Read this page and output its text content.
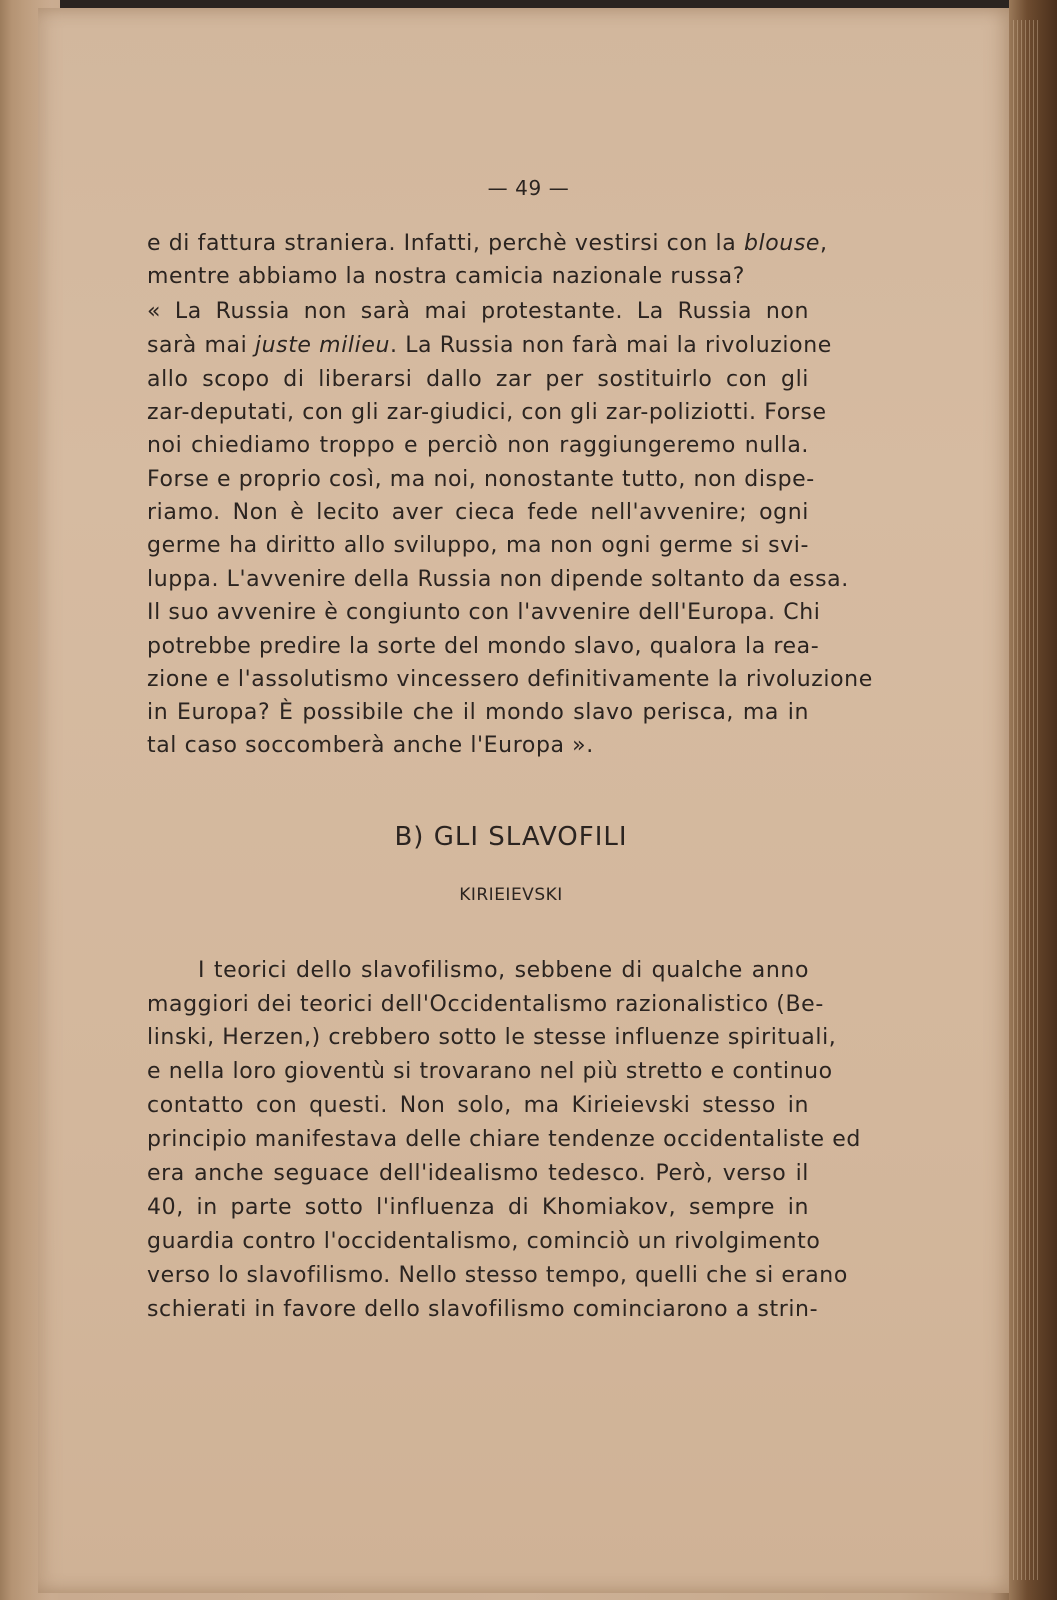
— 49 —
e di fattura straniera. Infatti, perchè vestirsi con la blouse,
mentre abbiamo la nostra camicia nazionale russa?
« La Russia non sarà mai protestante. La Russia non
sarà mai juste milieu. La Russia non farà mai la rivoluzione
allo scopo di liberarsi dallo zar per sostituirlo con gli
zar-deputati, con gli zar-giudici, con gli zar-poliziotti. Forse
noi chiediamo troppo e perciò non raggiungeremo nulla.
Forse e proprio così, ma noi, nonostante tutto, non dispe-
riamo. Non è lecito aver cieca fede nell'avvenire; ogni
germe ha diritto allo sviluppo, ma non ogni germe si svi-
luppa. L'avvenire della Russia non dipende soltanto da essa.
Il suo avvenire è congiunto con l'avvenire dell'Europa. Chi
potrebbe predire la sorte del mondo slavo, qualora la rea-
zione e l'assolutismo vincessero definitivamente la rivoluzione
in Europa? È possibile che il mondo slavo perisca, ma in
tal caso soccomberà anche l'Europa ».
B) GLI SLAVOFILI
KIRIEIEVSKI
I teorici dello slavofilismo, sebbene di qualche anno
maggiori dei teorici dell'Occidentalismo razionalistico (Be-
linski, Herzen,) crebbero sotto le stesse influenze spirituali,
e nella loro gioventù si trovarano nel più stretto e continuo
contatto con questi. Non solo, ma Kirieievski stesso in
principio manifestava delle chiare tendenze occidentaliste ed
era anche seguace dell'idealismo tedesco. Però, verso il
40, in parte sotto l'influenza di Khomiakov, sempre in
guardia contro l'occidentalismo, cominciò un rivolgimento
verso lo slavofilismo. Nello stesso tempo, quelli che si erano
schierati in favore dello slavofilismo cominciarono a strin-
